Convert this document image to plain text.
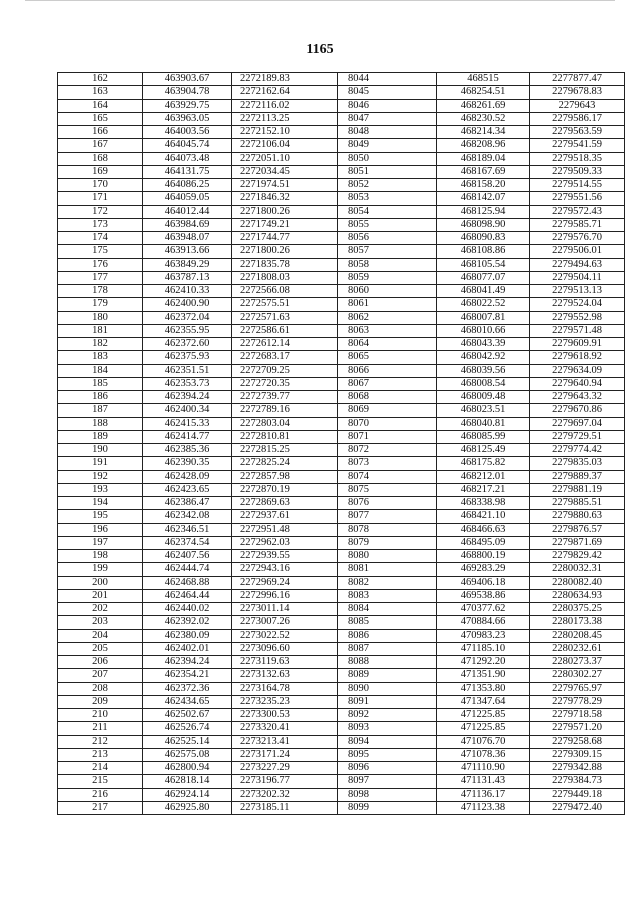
1165
162	463903.67	2272189.83	8044	468515	2277877.47
163	463904.78	2272162.64	8045	468254.51	2279678.83
164	463929.75	2272116.02	8046	468261.69	2279643
165	463963.05	2272113.25	8047	468230.52	2279586.17
166	464003.56	2272152.10	8048	468214.34	2279563.59
167	464045.74	2272106.04	8049	468208.96	2279541.59
168	464073.48	2272051.10	8050	468189.04	2279518.35
169	464131.75	2272034.45	8051	468167.69	2279509.33
170	464086.25	2271974.51	8052	468158.20	2279514.55
171	464059.05	2271846.32	8053	468142.07	2279551.56
172	464012.44	2271800.26	8054	468125.94	2279572.43
173	463984.69	2271749.21	8055	468098.90	2279585.71
174	463948.07	2271744.77	8056	468090.83	2279576.70
175	463913.66	2271800.26	8057	468108.86	2279506.01
176	463849.29	2271835.78	8058	468105.54	2279494.63
177	463787.13	2271808.03	8059	468077.07	2279504.11
178	462410.33	2272566.08	8060	468041.49	2279513.13
179	462400.90	2272575.51	8061	468022.52	2279524.04
180	462372.04	2272571.63	8062	468007.81	2279552.98
181	462355.95	2272586.61	8063	468010.66	2279571.48
182	462372.60	2272612.14	8064	468043.39	2279609.91
183	462375.93	2272683.17	8065	468042.92	2279618.92
184	462351.51	2272709.25	8066	468039.56	2279634.09
185	462353.73	2272720.35	8067	468008.54	2279640.94
186	462394.24	2272739.77	8068	468009.48	2279643.32
187	462400.34	2272789.16	8069	468023.51	2279670.86
188	462415.33	2272803.04	8070	468040.81	2279697.04
189	462414.77	2272810.81	8071	468085.99	2279729.51
190	462385.36	2272815.25	8072	468125.49	2279774.42
191	462390.35	2272825.24	8073	468175.82	2279835.03
192	462428.09	2272857.98	8074	468212.01	2279889.37
193	462423.65	2272870.19	8075	468217.21	2279881.19
194	462386.47	2272869.63	8076	468338.98	2279885.51
195	462342.08	2272937.61	8077	468421.10	2279880.63
196	462346.51	2272951.48	8078	468466.63	2279876.57
197	462374.54	2272962.03	8079	468495.09	2279871.69
198	462407.56	2272939.55	8080	468800.19	2279829.42
199	462444.74	2272943.16	8081	469283.29	2280032.31
200	462468.88	2272969.24	8082	469406.18	2280082.40
201	462464.44	2272996.16	8083	469538.86	2280634.93
202	462440.02	2273011.14	8084	470377.62	2280375.25
203	462392.02	2273007.26	8085	470884.66	2280173.38
204	462380.09	2273022.52	8086	470983.23	2280208.45
205	462402.01	2273096.60	8087	471185.10	2280232.61
206	462394.24	2273119.63	8088	471292.20	2280273.37
207	462354.21	2273132.63	8089	471351.90	2280302.27
208	462372.36	2273164.78	8090	471353.80	2279765.97
209	462434.65	2273235.23	8091	471347.64	2279778.29
210	462502.67	2273300.53	8092	471225.85	2279718.58
211	462526.74	2273320.41	8093	471225.85	2279571.20
212	462525.14	2273213.41	8094	471076.70	2279258.68
213	462575.08	2273171.24	8095	471078.36	2279309.15
214	462800.94	2273227.29	8096	471110.90	2279342.88
215	462818.14	2273196.77	8097	471131.43	2279384.73
216	462924.14	2273202.32	8098	471136.17	2279449.18
217	462925.80	2273185.11	8099	471123.38	2279472.40
